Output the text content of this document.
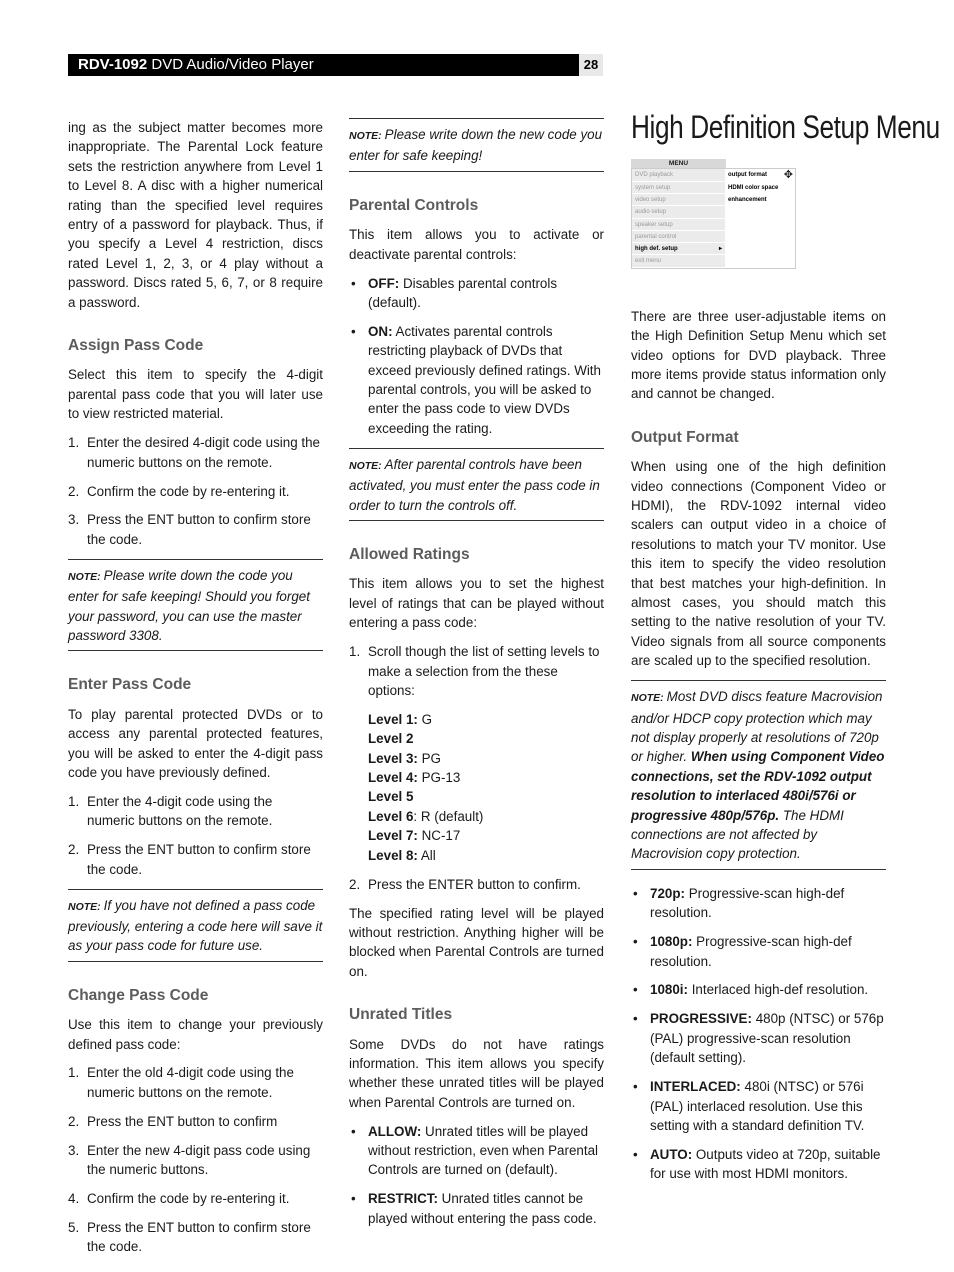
RDV-1092 DVD Audio/Video Player	28

ing as the subject matter becomes more inappropriate. The Parental Lock feature sets the restriction anywhere from Level 1 to Level 8. A disc with a higher numerical rating than the specified level requires entry of a password for playback. Thus, if you specify a Level 4 restriction, discs rated Level 1, 2, 3, or 4 play without a password. Discs rated 5, 6, 7, or 8 require a password.

Assign Pass Code

Select this item to specify the 4-digit parental pass code that you will later use to view restricted material.

1. Enter the desired 4-digit code using the numeric buttons on the remote.
2. Confirm the code by re-entering it.
3. Press the ENT button to confirm store the code.
NOTE: Please write down the code you enter for safe keeping! Should you forget your password, you can use the master password 3308.
Enter Pass Code

To play parental protected DVDs or to access any parental protected features, you will be asked to enter the 4-digit pass code you have previously defined.

1. Enter the 4-digit code using the numeric buttons on the remote.
2. Press the ENT button to confirm store the code.
NOTE: If you have not defined a pass code previously, entering a code here will save it as your pass code for future use.
Change Pass Code

Use this item to change your previously defined pass code:

1. Enter the old 4-digit code using the numeric buttons on the remote.
2. Press the ENT button to confirm
3. Enter the new 4-digit pass code using the numeric buttons.
4. Confirm the code by re-entering it.
5. Press the ENT button to confirm store the code.
NOTE: Please write down the new code you enter for safe keeping!
Parental Controls

This item allows you to activate or deactivate parental controls:

• OFF: Disables parental controls (default).
• ON: Activates parental controls restricting playback of DVDs that exceed previously defined ratings. With parental controls, you will be asked to enter the pass code to view DVDs exceeding the rating.
NOTE: After parental controls have been activated, you must enter the pass code in order to turn the controls off.
Allowed Ratings

This item allows you to set the highest level of ratings that can be played without entering a pass code:

1. Scroll though the list of setting levels to make a selection from the these options:
Level 1: G
Level 2
Level 3: PG
Level 4: PG-13
Level 5
Level 6: R (default)
Level 7: NC-17
Level 8: All
2. Press the ENTER button to confirm.

The specified rating level will be played without restriction. Anything higher will be blocked when Parental Controls are turned on.

Unrated Titles

Some DVDs do not have ratings information. This item allows you specify whether these unrated titles will be played when Parental Controls are turned on.

• ALLOW: Unrated titles will be played without restriction, even when Parental Controls are turned on (default).
• RESTRICT: Unrated titles cannot be played without entering the pass code.
High Definition Setup Menu
MENU
DVD playback
system setup
video setup
audio setup
speaker setup
parental control
high def. setup	▸
exit menu
output format
HDMI color space
enhancement
✥

There are three user-adjustable items on the High Definition Setup Menu which set video options for DVD playback. Three more items provide status information only and cannot be changed.

Output Format

When using one of the high definition video connections (Component Video or HDMI), the RDV-1092 internal video scalers can output video in a choice of resolutions to match your TV monitor. Use this item to specify the video resolution that best matches your high-definition. In almost cases, you should match this setting to the native resolution of your TV. Video signals from all source components are scaled up to the specified resolution.

NOTE: Most DVD discs feature Macrovision and/or HDCP copy protection which may not display properly at resolutions of 720p or higher. When using Component Video connections, set the RDV-1092 output resolution to interlaced 480i/576i or progressive 480p/576p. The HDMI connections are not affected by Macrovision copy protection.
• 720p: Progressive-scan high-def resolution.
• 1080p: Progressive-scan high-def resolution.
• 1080i: Interlaced high-def resolution.
• PROGRESSIVE: 480p (NTSC) or 576p (PAL) progressive-scan resolution (default setting).
• INTERLACED: 480i (NTSC) or 576i (PAL) interlaced resolution. Use this setting with a standard definition TV.
• AUTO: Outputs video at 720p, suitable for use with most HDMI monitors.
